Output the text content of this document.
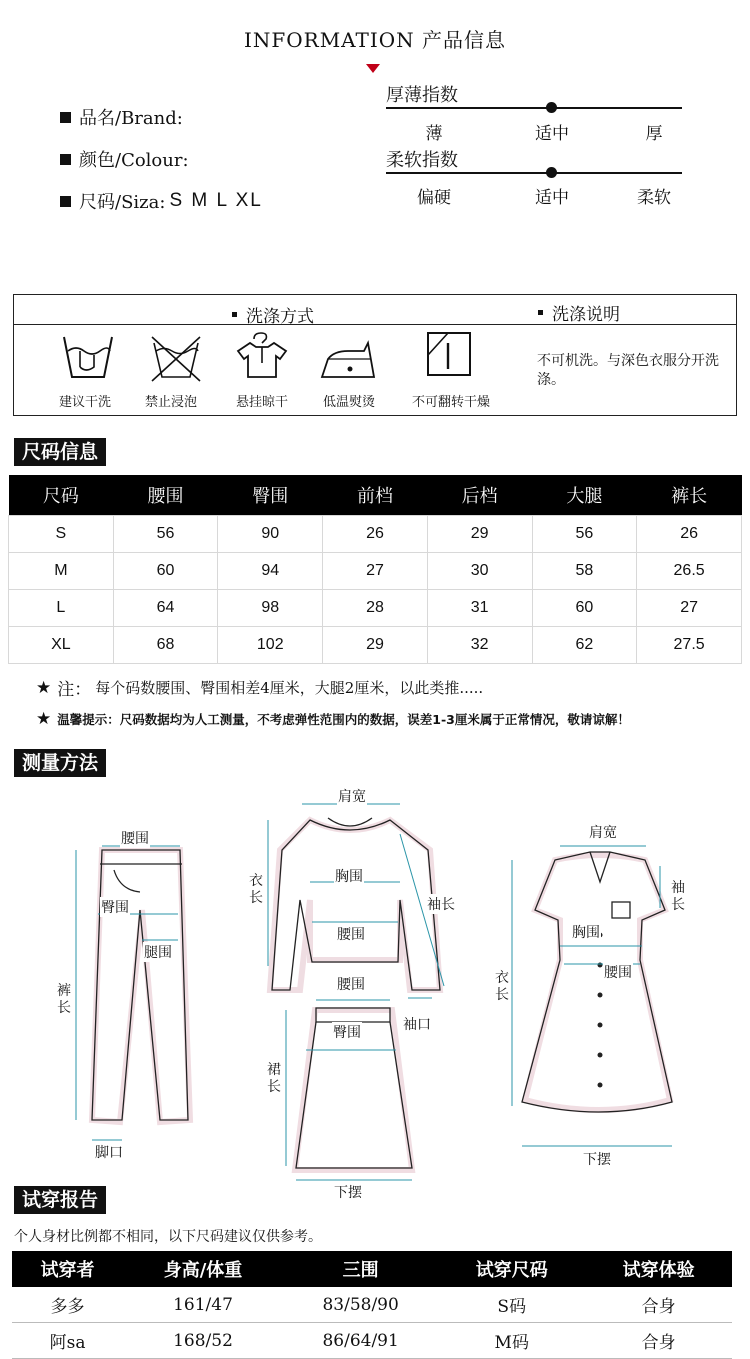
INFORMATION 产品信息
品名/Brand:
颜色/Colour:
尺码/Siza: S M L XL
厚薄指数
薄	适中	厚
柔软指数
偏硬	适中	柔软
洗涤方式	洗涤说明
建议干洗	禁止浸泡	悬挂晾干	低温熨烫	不可翻转干燥
不可机洗。与深色衣服分开洗涤。
尺码信息
尺码	腰围	臀围	前档	后档	大腿	裤长
S	56	90	26	29	56	26
M	60	94	27	30	58	26.5
L	64	98	28	31	60	27
XL	68	102	29	32	62	27.5
★ 注： 每个码数腰围、臀围相差4厘米，大腿2厘米，以此类推.....
★ 温馨提示：尺码数据均为人工测量，不考虑弹性范围内的数据，误差1-3厘米属于正常情况，敬请谅解！
测量方法
腰围
臀围
腿围
裤长
脚口
肩宽
衣长
胸围
腰围
袖长
袖口
腰围
臀围
裙长
下摆
肩宽
袖长
胸围
腰围
衣长
下摆
试穿报告
个人身材比例都不相同，以下尺码建议仅供参考。
试穿者	身高/体重	三围	试穿尺码	试穿体验
多多	161/47	83/58/90	S码	合身
阿sa	168/52	86/64/91	M码	合身
